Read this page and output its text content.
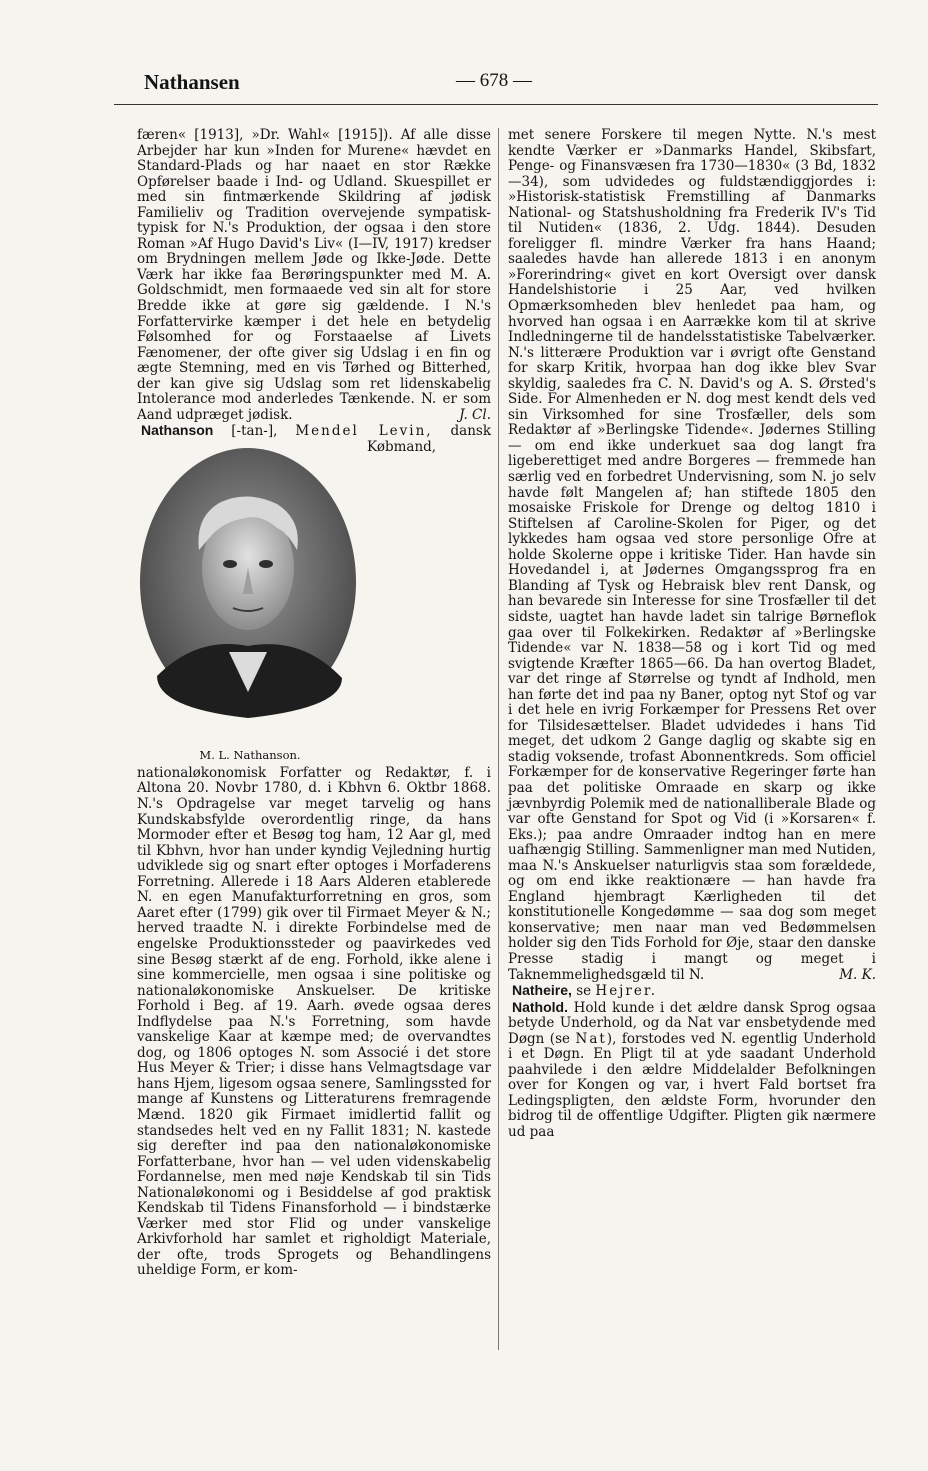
Nathansen	— 678 —

færen« [1913], »Dr. Wahl« [1915]). Af alle disse Arbejder har kun »Inden for Murene« hævdet en Standard-Plads og har naaet en stor Række Opførelser baade i Ind- og Udland. Skuespillet er med sin fintmærkende Skildring af jødisk Familieliv og Tradition overvejende sympatisk-typisk for N.'s Produktion, der ogsaa i den store Roman »Af Hugo David's Liv« (I—IV, 1917) kredser om Brydningen mellem Jøde og Ikke-Jøde. Dette Værk har ikke faa Berøringspunkter med M. A. Goldschmidt, men formaaede ved sin alt for store Bredde ikke at gøre sig gældende. I N.'s Forfattervirke kæmper i det hele en betydelig Følsomhed for og Forstaaelse af Livets Fænomener, der ofte giver sig Udslag i en fin og ægte Stemning, med en vis Tørhed og Bitterhed, der kan give sig Udslag som ret lidenskabelig Intolerance mod anderledes Tænkende. N. er som Aand udpræget jødisk.	J. Cl.

Nathanson [-tan-], Mendel Levin,
M. L. Nathanson.
dansk Købmand, nationaløkonomisk Forfatter og Redaktør, f. i Altona 20. Novbr 1780, d. i Kbhvn 6. Oktbr 1868. N.'s Opdragelse var meget tarvelig og hans Kundskabsfylde overordentlig ringe, da hans Mormoder efter et Besøg tog ham, 12 Aar gl, med til Kbhvn, hvor han under kyndig Vejledning hurtig udviklede sig og snart efter optoges i Morfaderens Forretning. Allerede i 18 Aars Alderen etablerede N. en egen Manufakturforretning en gros, som Aaret efter (1799) gik over til Firmaet Meyer & N.; herved traadte N. i direkte Forbindelse med de engelske Produktionssteder og paavirkedes ved sine Besøg stærkt af de eng. Forhold, ikke alene i sine kommercielle, men ogsaa i sine politiske og nationaløkonomiske Anskuelser. De kritiske Forhold i Beg. af 19. Aarh. øvede ogsaa deres Indflydelse paa N.'s Forretning, som havde vanskelige Kaar at kæmpe med; de overvandtes dog, og 1806 optoges N. som Associé i det store Hus Meyer & Trier; i disse hans Velmagtsdage var hans Hjem, ligesom ogsaa senere, Samlingssted for mange af Kunstens og Litteraturens fremragende Mænd. 1820 gik Firmaet imidlertid fallit og standsedes helt ved en ny Fallit 1831; N. kastede sig derefter ind paa den nationaløkonomiske Forfatterbane, hvor han — vel uden videnskabelig Fordannelse, men med nøje Kendskab til sin Tids Nationaløkonomi og i Besiddelse af god praktisk Kendskab til Tidens Finansforhold — i bindstærke Værker med stor Flid og under vanskelige Arkivforhold har samlet et righoldigt Materiale, der ofte, trods Sprogets og Behandlingens uheldige Form, er kom-

met senere Forskere til megen Nytte. N.'s mest kendte Værker er »Danmarks Handel, Skibsfart, Penge- og Finansvæsen fra 1730—1830« (3 Bd, 1832—34), som udvidedes og fuldstændiggjordes i: »Historisk-statistisk Fremstilling af Danmarks National- og Statshusholdning fra Frederik IV's Tid til Nutiden« (1836, 2. Udg. 1844). Desuden foreligger fl. mindre Værker fra hans Haand; saaledes havde han allerede 1813 i en anonym »Forerindring« givet en kort Oversigt over dansk Handelshistorie i 25 Aar, ved hvilken Opmærksomheden blev henledet paa ham, og hvorved han ogsaa i en Aarrække kom til at skrive Indledningerne til de handelsstatistiske Tabelværker. N.'s litterære Produktion var i øvrigt ofte Genstand for skarp Kritik, hvorpaa han dog ikke blev Svar skyldig, saaledes fra C. N. David's og A. S. Ørsted's Side. For Almenheden er N. dog mest kendt dels ved sin Virksomhed for sine Trosfæller, dels som Redaktør af »Berlingske Tidende«. Jødernes Stilling — om end ikke underkuet saa dog langt fra ligeberettiget med andre Borgeres — fremmede han særlig ved en forbedret Undervisning, som N. jo selv havde følt Mangelen af; han stiftede 1805 den mosaiske Friskole for Drenge og deltog 1810 i Stiftelsen af Caroline-Skolen for Piger, og det lykkedes ham ogsaa ved store personlige Ofre at holde Skolerne oppe i kritiske Tider. Han havde sin Hovedandel i, at Jødernes Omgangssprog fra en Blanding af Tysk og Hebraisk blev rent Dansk, og han bevarede sin Interesse for sine Trosfæller til det sidste, uagtet han havde ladet sin talrige Børneflok gaa over til Folkekirken. Redaktør af »Berlingske Tidende« var N. 1838—58 og i kort Tid og med svigtende Kræfter 1865—66. Da han overtog Bladet, var det ringe af Størrelse og tyndt af Indhold, men han førte det ind paa ny Baner, optog nyt Stof og var i det hele en ivrig Forkæmper for Pressens Ret over for Tilsidesættelser. Bladet udvidedes i hans Tid meget, det udkom 2 Gange daglig og skabte sig en stadig voksende, trofast Abonnentkreds. Som officiel Forkæmper for de konservative Regeringer førte han paa det politiske Omraade en skarp og ikke jævnbyrdig Polemik med de nationalliberale Blade og var ofte Genstand for Spot og Vid (i »Korsaren« f. Eks.); paa andre Omraader indtog han en mere uafhængig Stilling. Sammenligner man med Nutiden, maa N.'s Anskuelser naturligvis staa som forældede, og om end ikke reaktionære — han havde fra England hjembragt Kærligheden til det konstitutionelle Kongedømme — saa dog som meget konservative; men naar man ved Bedømmelsen holder sig den Tids Forhold for Øje, staar den danske Presse stadig i mangt og meget i Taknemmelighedsgæld til N.	M. K.

Natheire, se Hejrer.

Nathold. Hold kunde i det ældre dansk Sprog ogsaa betyde Underhold, og da Nat var ensbetydende med Døgn (se Nat), forstodes ved N. egentlig Underhold i et Døgn. En Pligt til at yde saadant Underhold paahvilede i den ældre Middelalder Befolkningen over for Kongen og var, i hvert Fald bortset fra Ledingspligten, den ældste Form, hvorunder den bidrog til de offentlige Udgifter. Pligten gik nærmere ud paa
